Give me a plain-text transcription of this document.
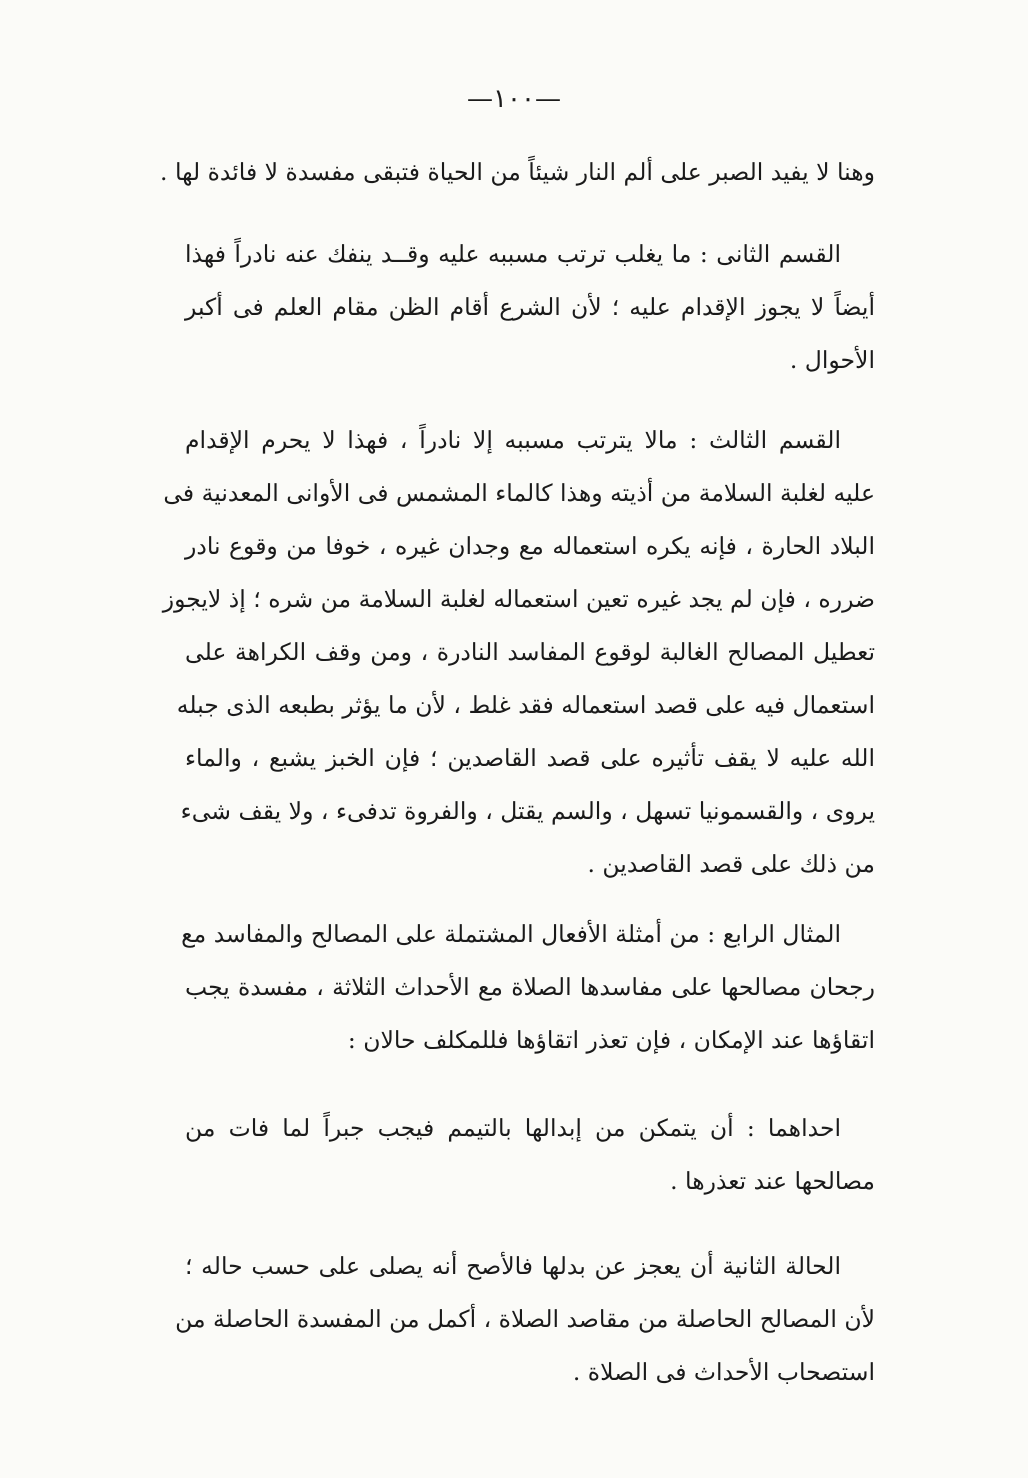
—١٠٠—
وهنا لا يفيد الصبر على ألم النار شيئاً من الحياة فتبقى مفسدة لا فائدة لها .
القسم الثانى : ما يغلب ترتب مسببه عليه وقــد ينفك عنه نادراً فهذا
أيضاً لا يجوز الإقدام عليه ؛ لأن الشرع أقام الظن مقام العلم فى أكبر
الأحوال .
القسم الثالث : مالا يترتب مسببه إلا نادراً ، فهذا لا يحرم الإقدام
عليه لغلبة السلامة من أذيته وهذا كالماء المشمس فى الأوانى المعدنية فى
البلاد الحارة ، فإنه يكره استعماله مع وجدان غيره ، خوفا من وقوع نادر
ضرره ، فإن لم يجد غيره تعين استعماله لغلبة السلامة من شره ؛ إذ لايجوز
تعطيل المصالح الغالبة لوقوع المفاسد النادرة ، ومن وقف الكراهة على
استعمال فيه على قصد استعماله فقد غلط ، لأن ما يؤثر بطبعه الذى جبله
الله عليه لا يقف تأثيره على قصد القاصدين ؛ فإن الخبز يشبع ، والماء
يروى ، والقسمونيا تسهل ، والسم يقتل ، والفروة تدفىء ، ولا يقف شىء
من ذلك على قصد القاصدين .
المثال الرابع : من أمثلة الأفعال المشتملة على المصالح والمفاسد مع
رجحان مصالحها على مفاسدها الصلاة مع الأحداث الثلاثة ، مفسدة يجب
اتقاؤها عند الإمكان ، فإن تعذر اتقاؤها فللمكلف حالان :
احداهما : أن يتمكن من إبدالها بالتيمم فيجب جبراً لما فات من
مصالحها عند تعذرها .
الحالة الثانية أن يعجز عن بدلها فالأصح أنه يصلى على حسب حاله ؛
لأن المصالح الحاصلة من مقاصد الصلاة ، أكمل من المفسدة الحاصلة من
استصحاب الأحداث فى الصلاة .
